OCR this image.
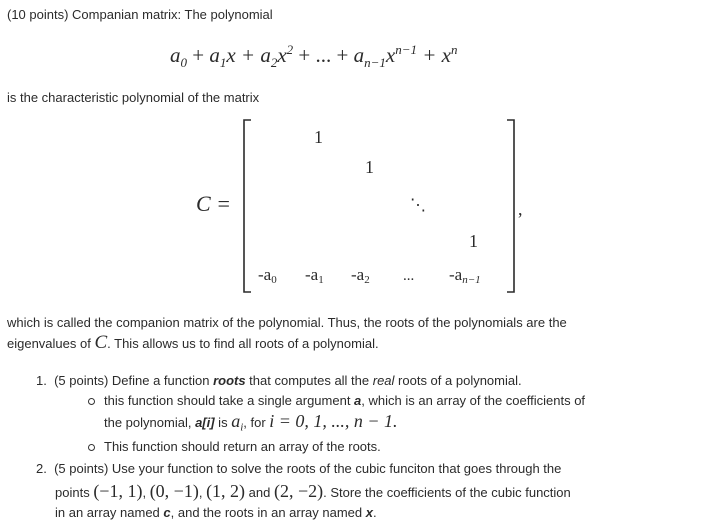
(10 points) Companian matrix: The polynomial
$a_0 + a_1x + a_2x^2$ + ... + $a_{n-1}x^{n-1} + x^n$
is the characteristic polynomial of the matrix
C =
1
1
⋱
1
-a0 -a1 -a2 ... -an−1
,
which is called the companion matrix of the polynomial. Thus, the roots of the polynomials are the
eigenvalues of C. This allows us to find all roots of a polynomial.
1. (5 points) Define a function roots that computes all the real roots of a polynomial.
this function should take a single argument a, which is an array of the coefficients of
the polynomial, a[i] is $a_i$, for i = 0, 1, ..., n − 1.
This function should return an array of the roots.
2. (5 points) Use your function to solve the roots of the cubic funciton that goes through the
points (−1, 1), (0, −1), (1, 2) and (2, −2). Store the coefficients of the cubic function
in an array named c, and the roots in an array named x.
